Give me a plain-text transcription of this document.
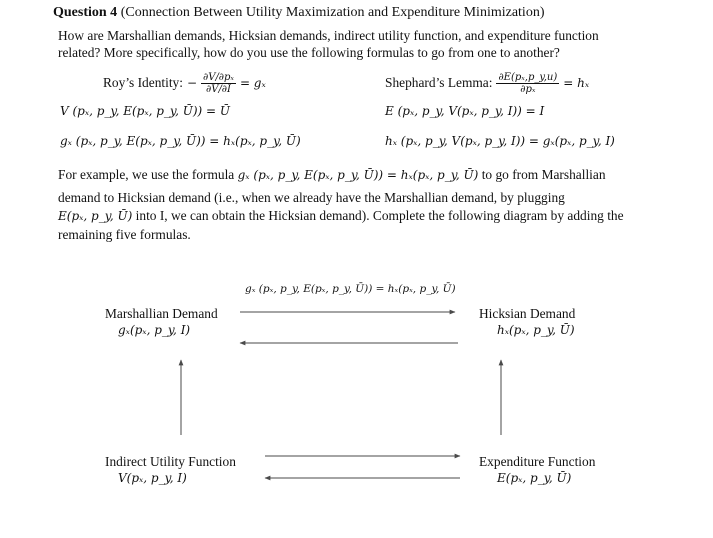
Question 4 (Connection Between Utility Maximization and Expenditure Minimization)
How are Marshallian demands, Hicksian demands, indirect utility function, and expenditure function
related? More specifically, how do you use the following formulas to go from one to another?
Roy’s Identity: − $\frac{\text{∂V/∂pₓ}}{\partial V/\partial I} = g_x$	Shephard’s Lemma: $\frac{\text{∂E(pₓ,p\_y,u)}}{\text{∂pₓ}} = h_x$
V (pₓ, p_y, E(pₓ, p_y, Ū)) = Ū	E (pₓ, p_y, V(pₓ, p_y, I)) = I
gₓ (pₓ, p_y, E(pₓ, p_y, Ū)) = hₓ(pₓ, p_y, Ū)	hₓ (pₓ, p_y, V(pₓ, p_y, I)) = gₓ(pₓ, p_y, I)
For example, we use the formula gₓ (pₓ, p_y, E(pₓ, p_y, Ū)) = hₓ(pₓ, p_y, Ū) to go from Marshallian
demand to Hicksian demand (i.e., when we already have the Marshallian demand, by plugging
E(pₓ, p_y, Ū) into I, we can obtain the Hicksian demand). Complete the following diagram by adding the
remaining five formulas.
gₓ (pₓ, p_y, E(pₓ, p_y, Ū)) = hₓ(pₓ, p_y, Ū)
Marshallian Demand
gₓ(pₓ, p_y, I)
Hicksian Demand
hₓ(pₓ, p_y, Ū)
Indirect Utility Function
V(pₓ, p_y, I)
Expenditure Function
E(pₓ, p_y, Ū)
